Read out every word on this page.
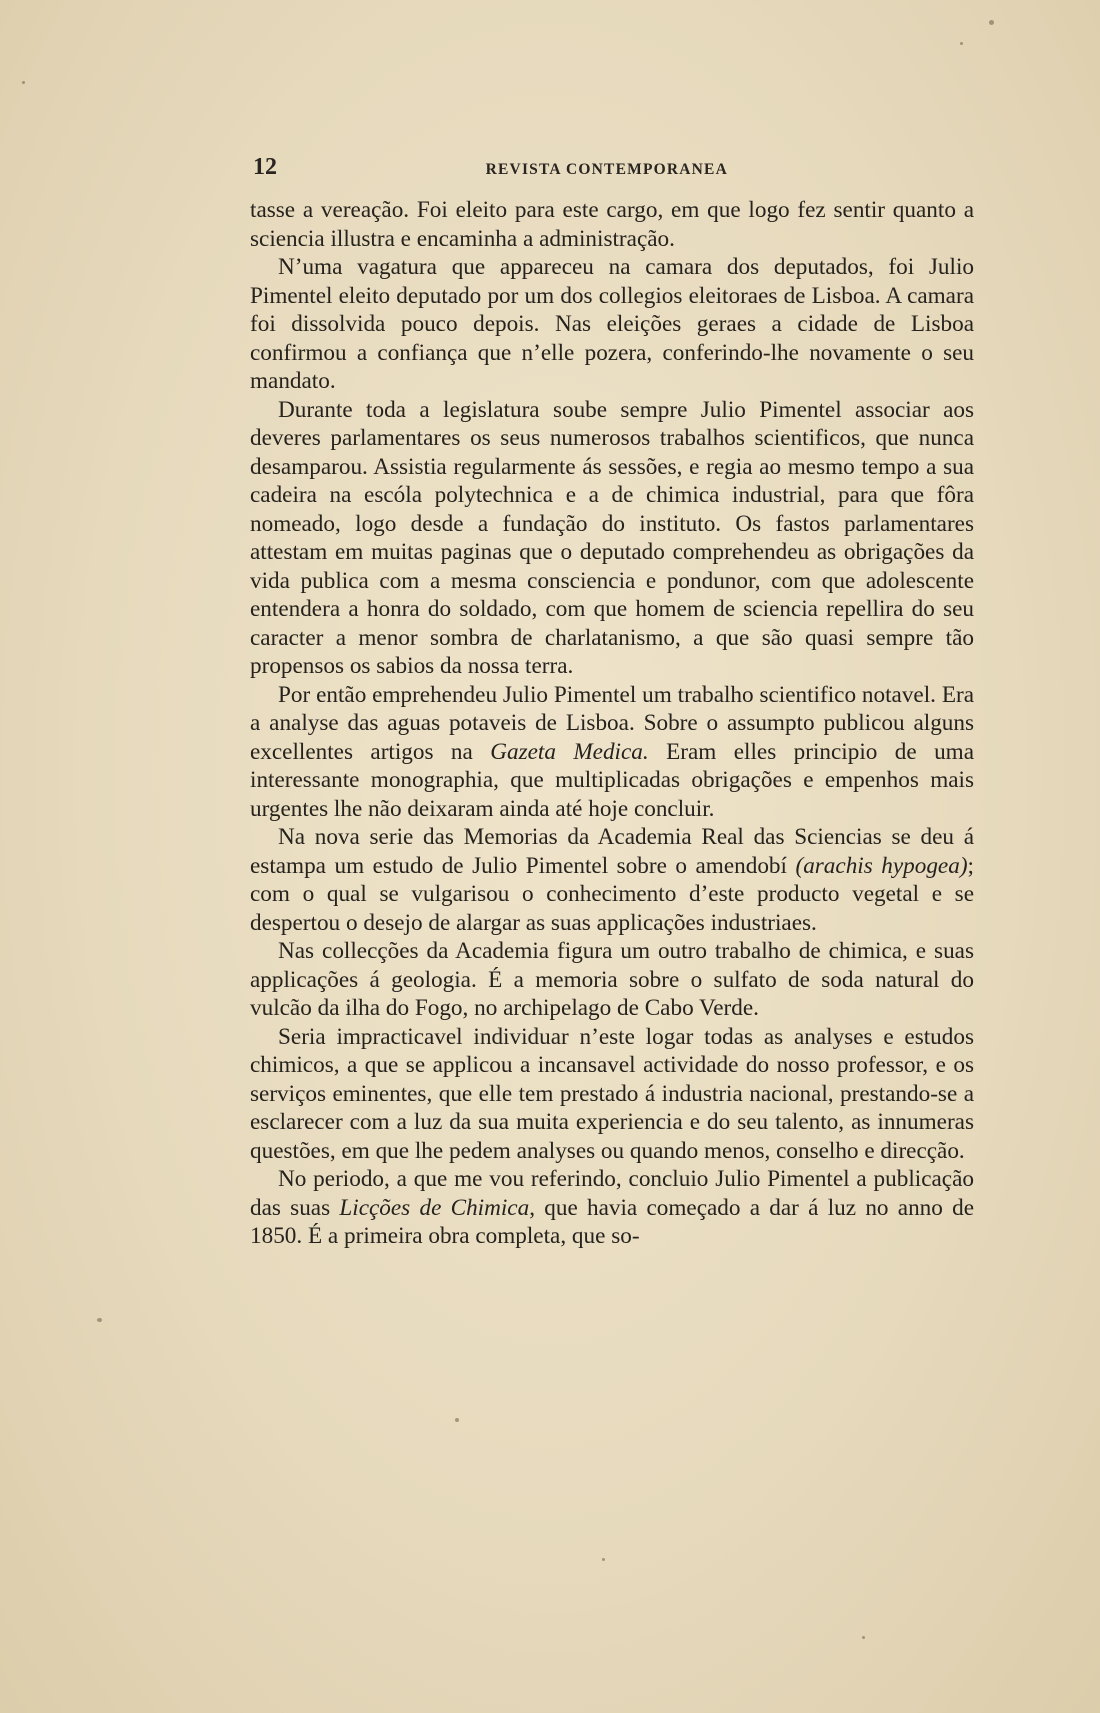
12	REVISTA CONTEMPORANEA

tasse a vereação. Foi eleito para este cargo, em que logo fez sentir quanto a sciencia illustra e encaminha a administração.

N’uma vagatura que appareceu na camara dos deputados, foi Julio Pimentel eleito deputado por um dos collegios eleitoraes de Lisboa. A camara foi dissolvida pouco depois. Nas eleições geraes a cidade de Lisboa confirmou a confiança que n’elle pozera, conferindo-lhe novamente o seu mandato.

Durante toda a legislatura soube sempre Julio Pimentel associar aos deveres parlamentares os seus numerosos trabalhos scientificos, que nunca desamparou. Assistia regularmente ás sessões, e regia ao mesmo tempo a sua cadeira na escóla polytechnica e a de chimica industrial, para que fôra nomeado, logo desde a fundação do instituto. Os fastos parlamentares attestam em muitas paginas que o deputado comprehendeu as obrigações da vida publica com a mesma consciencia e pondunor, com que adolescente entendera a honra do soldado, com que homem de sciencia repellira do seu caracter a menor sombra de charlatanismo, a que são quasi sempre tão propensos os sabios da nossa terra.

Por então emprehendeu Julio Pimentel um trabalho scientifico notavel. Era a analyse das aguas potaveis de Lisboa. Sobre o assumpto publicou alguns excellentes artigos na Gazeta Medica. Eram elles principio de uma interessante monographia, que multiplicadas obrigações e empenhos mais urgentes lhe não deixaram ainda até hoje concluir.

Na nova serie das Memorias da Academia Real das Sciencias se deu á estampa um estudo de Julio Pimentel sobre o amendobí (arachis hypogea); com o qual se vulgarisou o conhecimento d’este producto vegetal e se despertou o desejo de alargar as suas applicações industriaes.

Nas collecções da Academia figura um outro trabalho de chimica, e suas applicações á geologia. É a memoria sobre o sulfato de soda natural do vulcão da ilha do Fogo, no archipelago de Cabo Verde.

Seria impracticavel individuar n’este logar todas as analyses e estudos chimicos, a que se applicou a incansavel actividade do nosso professor, e os serviços eminentes, que elle tem prestado á industria nacional, prestando-se a esclarecer com a luz da sua muita experiencia e do seu talento, as innumeras questões, em que lhe pedem analyses ou quando menos, conselho e direcção.

No periodo, a que me vou referindo, concluio Julio Pimentel a publicação das suas Licções de Chimica, que havia começado a dar á luz no anno de 1850. É a primeira obra completa, que so-
